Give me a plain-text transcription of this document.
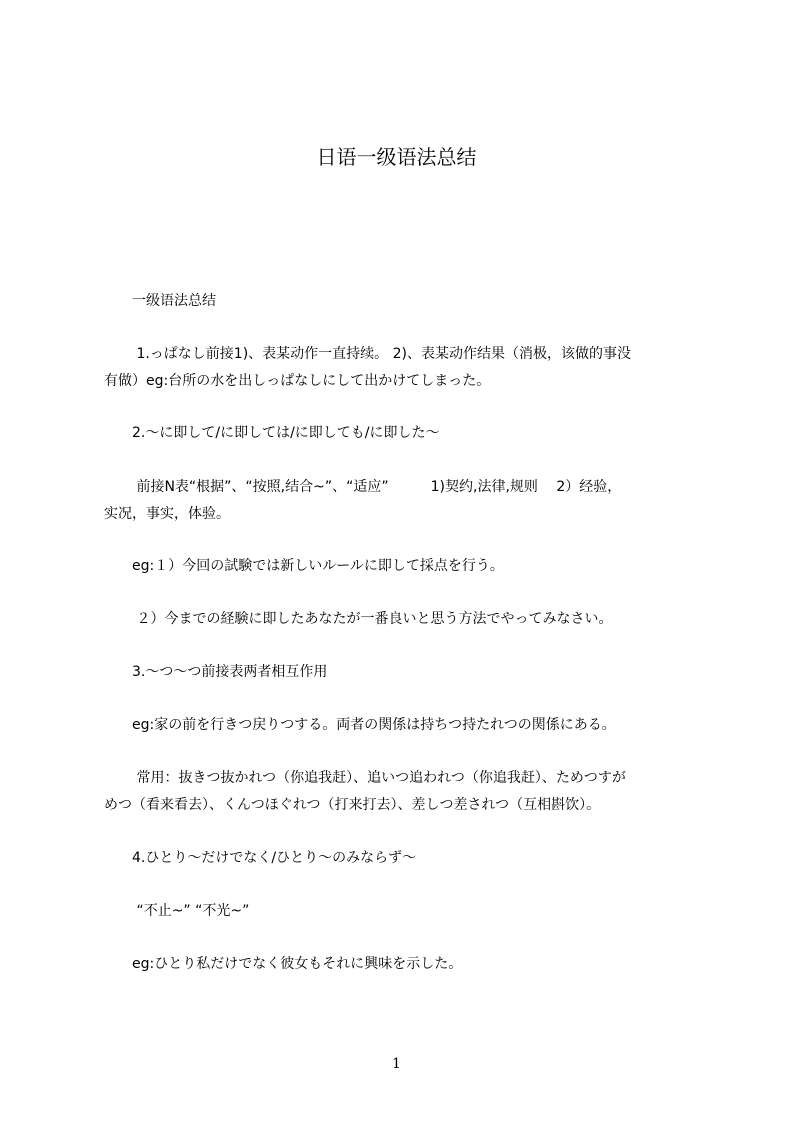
日语一级语法总结
　　一级语法总结
　　 1.っぱなし前接1)、表某动作一直持续。 2)、表某动作结果（消极，该做的事没
有做）eg:台所の水を出しっぱなしにして出かけてしまった。
　　2.〜に即して/に即しては/に即しても/に即した〜
　　 前接N表“根据”、“按照,结合~”、“适应”　　　1)契约,法律,规则　 2）经验，
实况，事实，体验。
　　eg:１）今回の試験では新しいルールに即して採点を行う。
　　 ２）今までの経験に即したあなたが一番良いと思う方法でやってみなさい。
　　3.〜つ〜つ前接表两者相互作用
　　eg:家の前を行きつ戻りつする。両者の関係は持ちつ持たれつの関係にある。
　　 常用：抜きつ抜かれつ（你追我赶）、追いつ追われつ（你追我赶）、ためつすが
めつ（看来看去）、くんつほぐれつ（打来打去）、差しつ差されつ（互相斟饮）。
　　4.ひとり〜だけでなく/ひとり〜のみならず〜
　　 “不止~” “不光~”
　　eg:ひとり私だけでなく彼女もそれに興味を示した。
1
